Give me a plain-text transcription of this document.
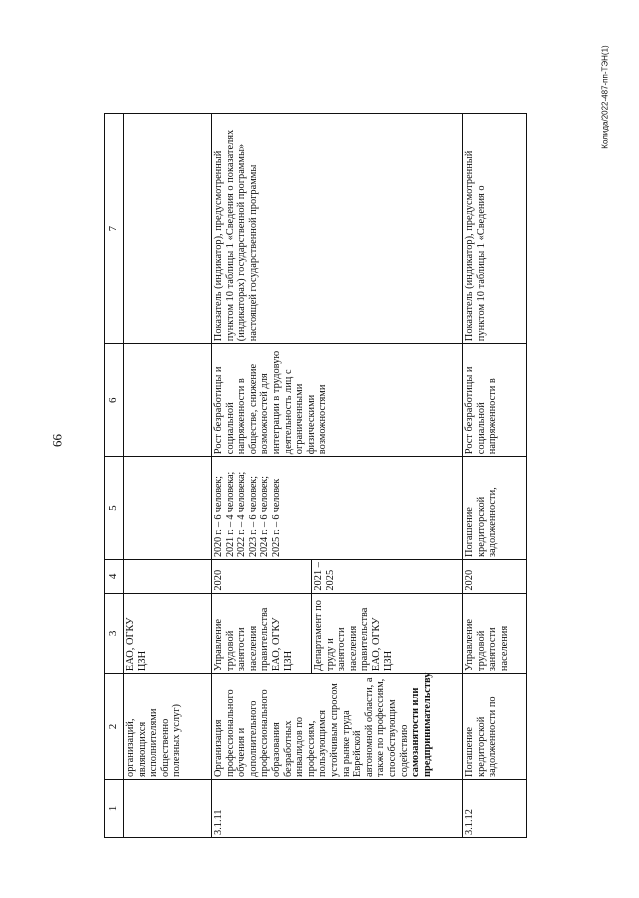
99
Колида/2022-487-пп-ТЭН(1)
1	2	3	4	5	6	7
	организаций, являющихся исполнителями общественно полезных услуг)	ЕАО, ОГКУ ЦЗН				
3.1.11	Организация профессионального обучения и дополнительного профессионального образования безработных инвалидов по профессиям, пользующимся устойчивым спросом на рынке труда Еврейской автономной области, а также по профессиям, способствующим содействию самозанятости или предпринимательству	Управление трудовой занятости населения правительства ЕАО, ОГКУ ЦЗН	2020	2020 г. – 6 человек; 2021 г. – 4 человека; 2022 г. – 4 человека; 2023 г. – 6 человек; 2024 г. – 6 человек; 2025 г. – 6 человек	Рост безработицы и социальной напряженности в обществе, снижение возможностей для интеграции в трудовую деятельность лиц с ограниченными физическими возможностями	Показатель (индикатор), предусмотренный пунктом 10 таблицы 1 «Сведения о показателях (индикаторах) государственной программы» настоящей государственной программы
		Департамент по труду и занятости населения правительства ЕАО, ОГКУ ЦЗН	2021 – 2025			
3.1.12	Погашение кредиторской задолженности по	Управление трудовой занятости населения	2020	Погашение кредиторской задолженности,	Рост безработицы и социальной напряженности в	Показатель (индикатор), предусмотренный пунктом 10 таблицы 1 «Сведения о
